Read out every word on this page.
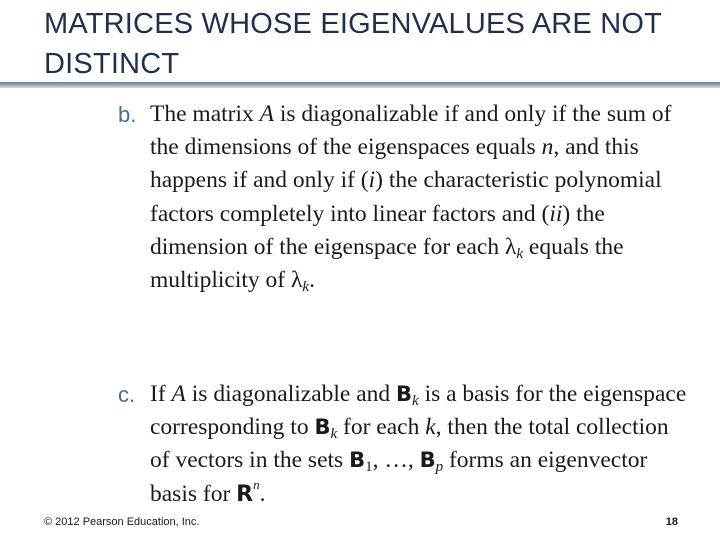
MATRICES WHOSE EIGENVALUES ARE NOT DISTINCT
b. The matrix A is diagonalizable if and only if the sum of the dimensions of the eigenspaces equals n, and this happens if and only if (i) the characteristic polynomial factors completely into linear factors and (ii) the dimension of the eigenspace for each $\lambda_k$ equals the multiplicity of $\lambda_k$.
c. If A is diagonalizable and $B_k$ is a basis for the eigenspace corresponding to $B_k$ for each k, then the total collection of vectors in the sets $B_1$, …, $B_p$ forms an eigenvector basis for $R^n$.
© 2012 Pearson Education, Inc.	18
